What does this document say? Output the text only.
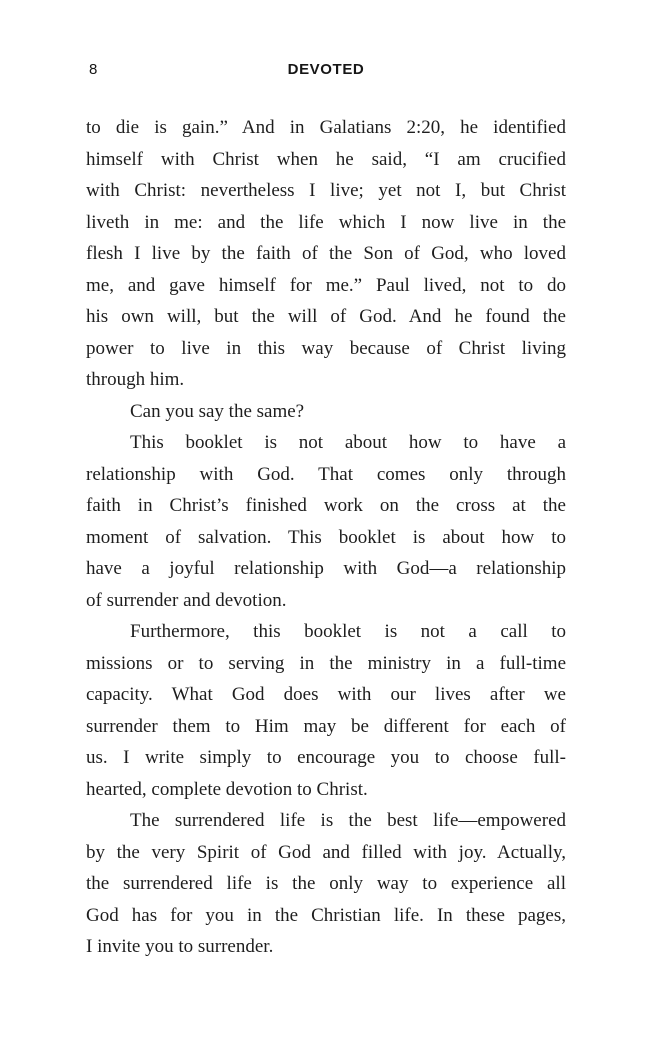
8	DEVOTED
to die is gain.” And in Galatians 2:20, he identified
himself with Christ when he said, “I am crucified
with Christ: nevertheless I live; yet not I, but Christ
liveth in me: and the life which I now live in the
flesh I live by the faith of the Son of God, who loved
me, and gave himself for me.” Paul lived, not to do
his own will, but the will of God. And he found the
power to live in this way because of Christ living
through him.
Can you say the same?
This booklet is not about how to have a
relationship with God. That comes only through
faith in Christ’s finished work on the cross at the
moment of salvation. This booklet is about how to
have a joyful relationship with God—a relationship
of surrender and devotion.
Furthermore, this booklet is not a call to
missions or to serving in the ministry in a full-time
capacity. What God does with our lives after we
surrender them to Him may be different for each of
us. I write simply to encourage you to choose full-
hearted, complete devotion to Christ.
The surrendered life is the best life—empowered
by the very Spirit of God and filled with joy. Actually,
the surrendered life is the only way to experience all
God has for you in the Christian life. In these pages,
I invite you to surrender.
